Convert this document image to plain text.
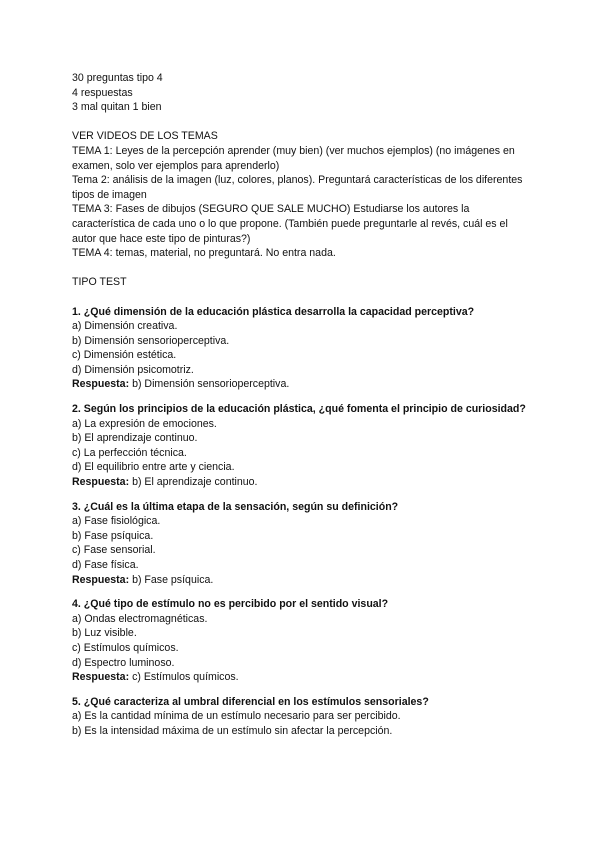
30 preguntas tipo 4
4 respuestas
3 mal quitan 1 bien
VER VIDEOS DE LOS TEMAS
TEMA 1: Leyes de la percepción aprender (muy bien) (ver muchos ejemplos) (no imágenes en examen, solo ver ejemplos para aprenderlo)
Tema 2: análisis de la imagen (luz, colores, planos). Preguntará características de los diferentes tipos de imagen
TEMA 3: Fases de dibujos (SEGURO QUE SALE MUCHO) Estudiarse los autores la característica de cada uno o lo que propone. (También puede preguntarle al revés, cuál es el autor que hace este tipo de pinturas?)
TEMA 4: temas, material, no preguntará. No entra nada.
TIPO TEST
1. ¿Qué dimensión de la educación plástica desarrolla la capacidad perceptiva?
a) Dimensión creativa.
b) Dimensión sensorioperceptiva.
c) Dimensión estética.
d) Dimensión psicomotriz.
Respuesta: b) Dimensión sensorioperceptiva.
2. Según los principios de la educación plástica, ¿qué fomenta el principio de curiosidad?
a) La expresión de emociones.
b) El aprendizaje continuo.
c) La perfección técnica.
d) El equilibrio entre arte y ciencia.
Respuesta: b) El aprendizaje continuo.
3. ¿Cuál es la última etapa de la sensación, según su definición?
a) Fase fisiológica.
b) Fase psíquica.
c) Fase sensorial.
d) Fase física.
Respuesta: b) Fase psíquica.
4. ¿Qué tipo de estímulo no es percibido por el sentido visual?
a) Ondas electromagnéticas.
b) Luz visible.
c) Estímulos químicos.
d) Espectro luminoso.
Respuesta: c) Estímulos químicos.
5. ¿Qué caracteriza al umbral diferencial en los estímulos sensoriales?
a) Es la cantidad mínima de un estímulo necesario para ser percibido.
b) Es la intensidad máxima de un estímulo sin afectar la percepción.
